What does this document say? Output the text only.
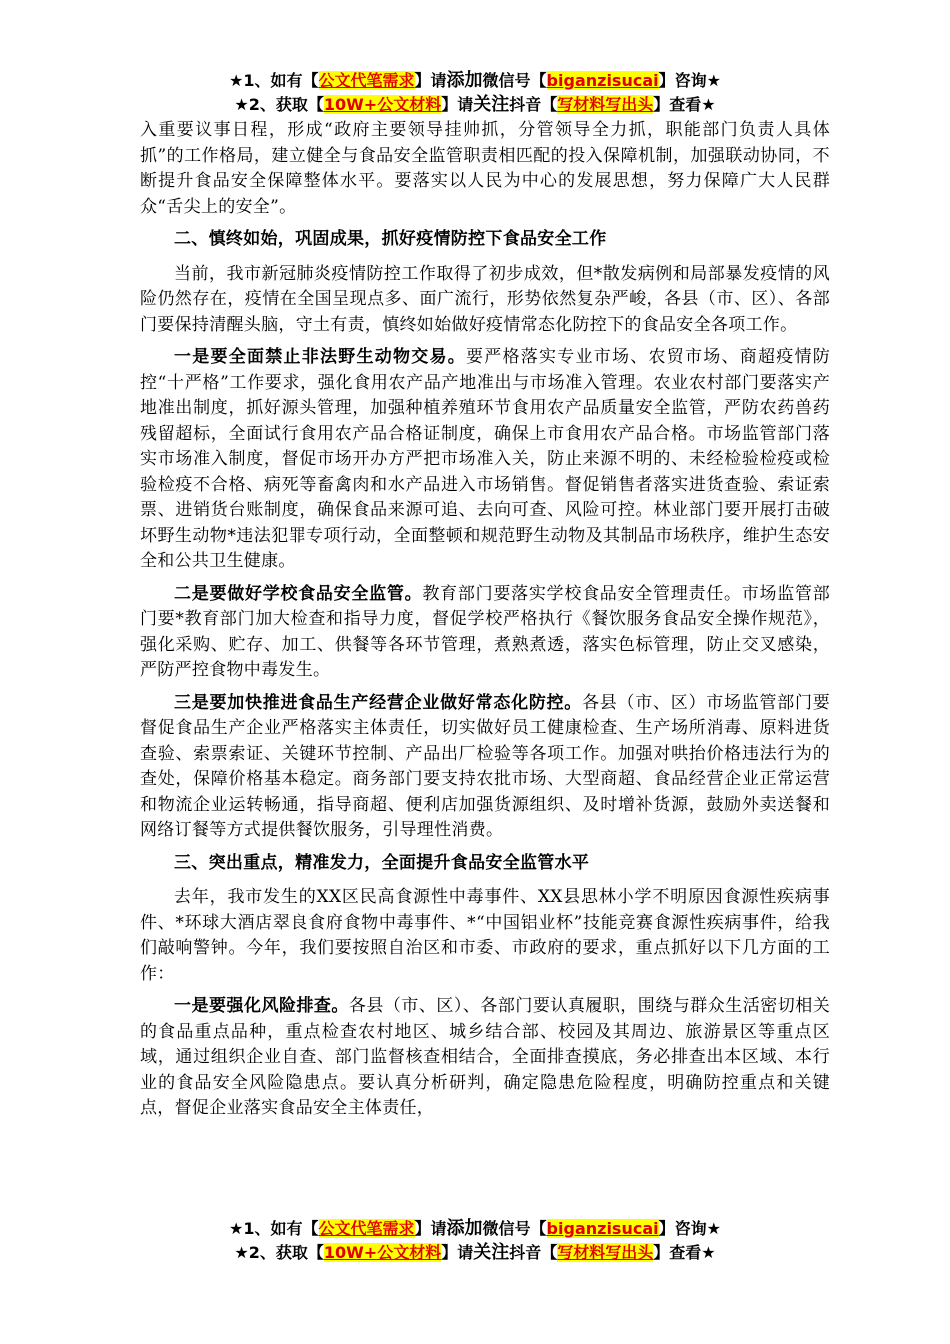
★1、如有【公文代笔需求】请添加微信号【biganzisucai】咨询★
★2、获取【10W+公文材料】请关注抖音【写材料写出头】查看★

入重要议事日程，形成“政府主要领导挂帅抓，分管领导全力抓，职能部门负责人具体抓”的工作格局，建立健全与食品安全监管职责相匹配的投入保障机制，加强联动协同，不断提升食品安全保障整体水平。要落实以人民为中心的发展思想，努力保障广大人民群众“舌尖上的安全”。

二、慎终如始，巩固成果，抓好疫情防控下食品安全工作

当前，我市新冠肺炎疫情防控工作取得了初步成效，但*散发病例和局部暴发疫情的风险仍然存在，疫情在全国呈现点多、面广流行，形势依然复杂严峻，各县（市、区）、各部门要保持清醒头脑，守土有责，慎终如始做好疫情常态化防控下的食品安全各项工作。

一是要全面禁止非法野生动物交易。要严格落实专业市场、农贸市场、商超疫情防控“十严格”工作要求，强化食用农产品产地准出与市场准入管理。农业农村部门要落实产地准出制度，抓好源头管理，加强种植养殖环节食用农产品质量安全监管，严防农药兽药残留超标，全面试行食用农产品合格证制度，确保上市食用农产品合格。市场监管部门落实市场准入制度，督促市场开办方严把市场准入关，防止来源不明的、未经检验检疫或检验检疫不合格、病死等畜禽肉和水产品进入市场销售。督促销售者落实进货查验、索证索票、进销货台账制度，确保食品来源可追、去向可查、风险可控。林业部门要开展打击破坏野生动物*违法犯罪专项行动，全面整顿和规范野生动物及其制品市场秩序，维护生态安全和公共卫生健康。

二是要做好学校食品安全监管。教育部门要落实学校食品安全管理责任。市场监管部门要*教育部门加大检查和指导力度，督促学校严格执行《餐饮服务食品安全操作规范》，强化采购、贮存、加工、供餐等各环节管理，煮熟煮透，落实色标管理，防止交叉感染，严防严控食物中毒发生。

三是要加快推进食品生产经营企业做好常态化防控。各县（市、区）市场监管部门要督促食品生产企业严格落实主体责任，切实做好员工健康检查、生产场所消毒、原料进货查验、索票索证、关键环节控制、产品出厂检验等各项工作。加强对哄抬价格违法行为的查处，保障价格基本稳定。商务部门要支持农批市场、大型商超、食品经营企业正常运营和物流企业运转畅通，指导商超、便利店加强货源组织、及时增补货源，鼓励外卖送餐和网络订餐等方式提供餐饮服务，引导理性消费。

三、突出重点，精准发力，全面提升食品安全监管水平

去年，我市发生的XX区民高食源性中毒事件、XX县思林小学不明原因食源性疾病事件、*环球大酒店翠良食府食物中毒事件、*“中国铝业杯”技能竞赛食源性疾病事件，给我们敲响警钟。今年，我们要按照自治区和市委、市政府的要求，重点抓好以下几方面的工作：

一是要强化风险排查。各县（市、区）、各部门要认真履职，围绕与群众生活密切相关的食品重点品种，重点检查农村地区、城乡结合部、校园及其周边、旅游景区等重点区域，通过组织企业自查、部门监督核查相结合，全面排查摸底，务必排查出本区域、本行业的食品安全风险隐患点。要认真分析研判，确定隐患危险程度，明确防控重点和关键点，督促企业落实食品安全主体责任，

★1、如有【公文代笔需求】请添加微信号【biganzisucai】咨询★
★2、获取【10W+公文材料】请关注抖音【写材料写出头】查看★
